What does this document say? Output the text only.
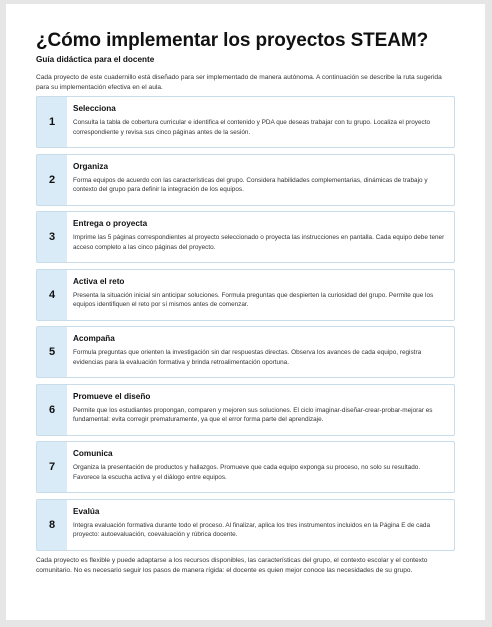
¿Cómo implementar los proyectos STEAM?

Guía didáctica para el docente

Cada proyecto de este cuadernillo está diseñado para ser implementado de manera autónoma. A continuación se describe la ruta sugerida para su implementación efectiva en el aula.

1

Selecciona

Consulta la tabla de cobertura curricular e identifica el contenido y PDA que deseas trabajar con tu grupo. Localiza el proyecto correspondiente y revisa sus cinco páginas antes de la sesión.

2

Organiza

Forma equipos de acuerdo con las características del grupo. Considera habilidades complementarias, dinámicas de trabajo y contexto del grupo para definir la integración de los equipos.

3

Entrega o proyecta

Imprime las 5 páginas correspondientes al proyecto seleccionado o proyecta las instrucciones en pantalla. Cada equipo debe tener acceso completo a las cinco páginas del proyecto.

4

Activa el reto

Presenta la situación inicial sin anticipar soluciones. Formula preguntas que despierten la curiosidad del grupo. Permite que los equipos identifiquen el reto por sí mismos antes de comenzar.

5

Acompaña

Formula preguntas que orienten la investigación sin dar respuestas directas. Observa los avances de cada equipo, registra evidencias para la evaluación formativa y brinda retroalimentación oportuna.

6

Promueve el diseño

Permite que los estudiantes propongan, comparen y mejoren sus soluciones. El ciclo imaginar-diseñar-crear-probar-mejorar es fundamental: evita corregir prematuramente, ya que el error forma parte del aprendizaje.

7

Comunica

Organiza la presentación de productos y hallazgos. Promueve que cada equipo exponga su proceso, no solo su resultado. Favorece la escucha activa y el diálogo entre equipos.

8

Evalúa

Integra evaluación formativa durante todo el proceso. Al finalizar, aplica los tres instrumentos incluidos en la Página E de cada proyecto: autoevaluación, coevaluación y rúbrica docente.

Cada proyecto es flexible y puede adaptarse a los recursos disponibles, las características del grupo, el contexto escolar y el contexto comunitario. No es necesario seguir los pasos de manera rígida: el docente es quien mejor conoce las necesidades de su grupo.
